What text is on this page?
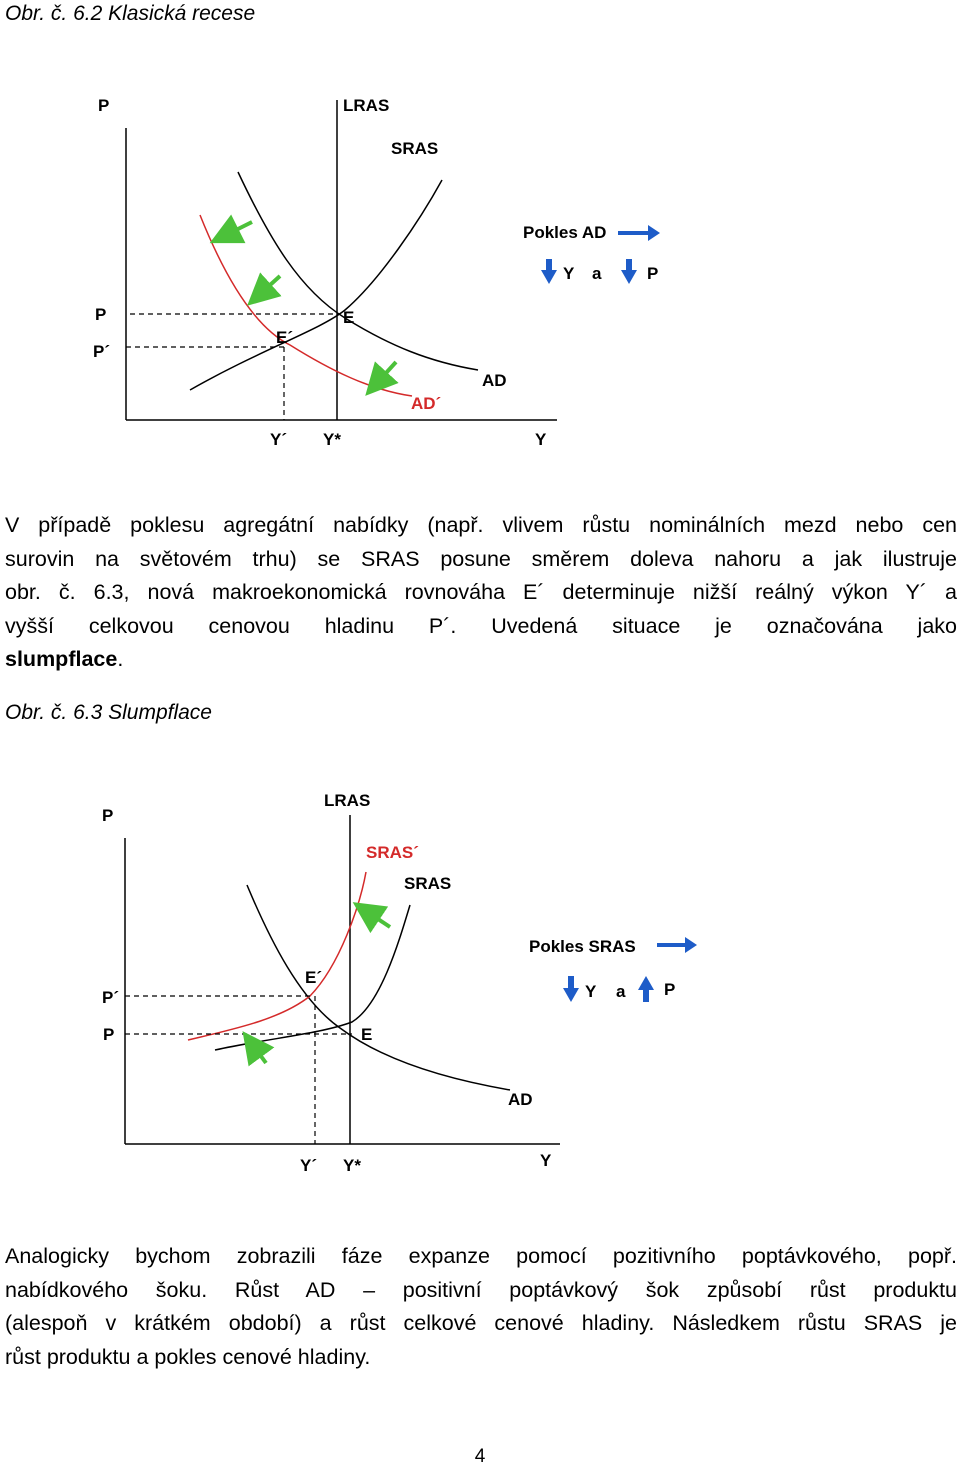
Obr. č. 6.2 Klasická recese
P	LRAS
SRAS
AD
AD´
E
E´
P
P´
Y´ Y*	Y
Pokles AD
Y a	P
V případě poklesu agregátní nabídky (např. vlivem růstu nominálních mezd nebo cen
surovin na světovém trhu) se SRAS posune směrem doleva nahoru a jak ilustruje
obr. č. 6.3, nová makroekonomická rovnováha E´ determinuje nižší reálný výkon Y´ a
vyšší celkovou cenovou hladinu P´. Uvedená situace je označována jako
slumpflace.
Obr. č. 6.3 Slumpflace
P
LRAS
SRAS´
SRAS
AD
E´
E
P´
P
Y´ Y*	Y
Pokles SRAS
Y a P
Analogicky bychom zobrazili fáze expanze pomocí pozitivního poptávkového, popř.
nabídkového šoku. Růst AD – positivní poptávkový šok způsobí růst produktu
(alespoň v krátkém období) a růst celkové cenové hladiny. Následkem růstu SRAS je
růst produktu a pokles cenové hladiny.
4
